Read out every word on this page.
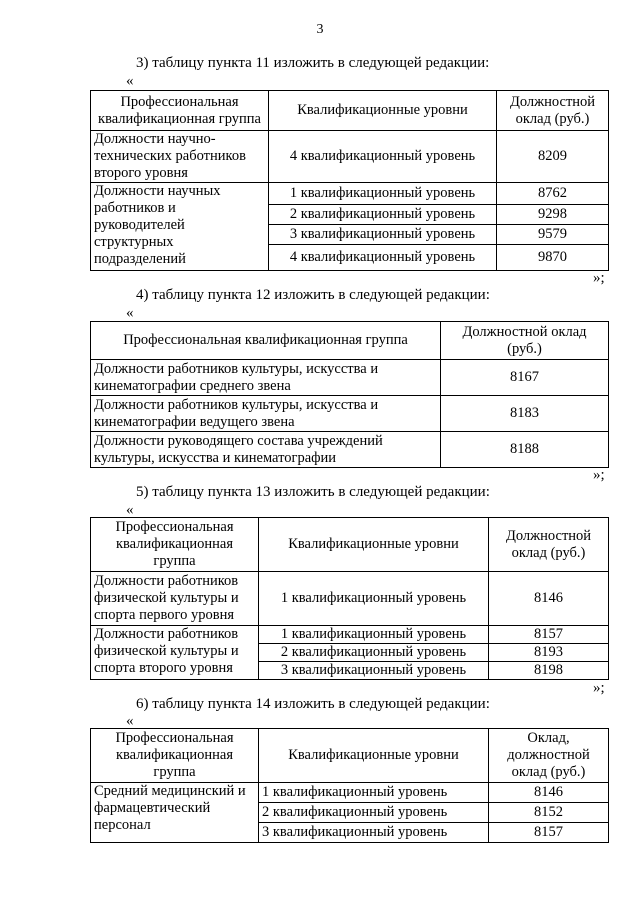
3
3) таблицу пункта 11 изложить в следующей редакции:
«
Профессиональная квалификационная группа	Квалификационные уровни	Должностной оклад (руб.)
Должности научно-технических работников второго уровня	4 квалификационный уровень	8209
Должности научных работников и руководителей структурных подразделений	1 квалификационный уровень	8762
	2 квалификационный уровень	9298
	3 квалификационный уровень	9579
	4 квалификационный уровень	9870
»;
4) таблицу пункта 12 изложить в следующей редакции:
«
Профессиональная квалификационная группа	Должностной оклад (руб.)
Должности работников культуры, искусства и кинематографии среднего звена	8167
Должности работников культуры, искусства и кинематографии ведущего звена	8183
Должности руководящего состава учреждений культуры, искусства и кинематографии	8188
»;
5) таблицу пункта 13 изложить в следующей редакции:
«
Профессиональная квалификационная группа	Квалификационные уровни	Должностной оклад (руб.)
Должности работников физической культуры и спорта первого уровня	1 квалификационный уровень	8146
Должности работников физической культуры и спорта второго уровня	1 квалификационный уровень	8157
	2 квалификационный уровень	8193
	3 квалификационный уровень	8198
»;
6) таблицу пункта 14 изложить в следующей редакции:
«
Профессиональная квалификационная группа	Квалификационные уровни	Оклад, должностной оклад (руб.)
Средний медицинский и фармацевтический персонал	1 квалификационный уровень	8146
	2 квалификационный уровень	8152
	3 квалификационный уровень	8157
